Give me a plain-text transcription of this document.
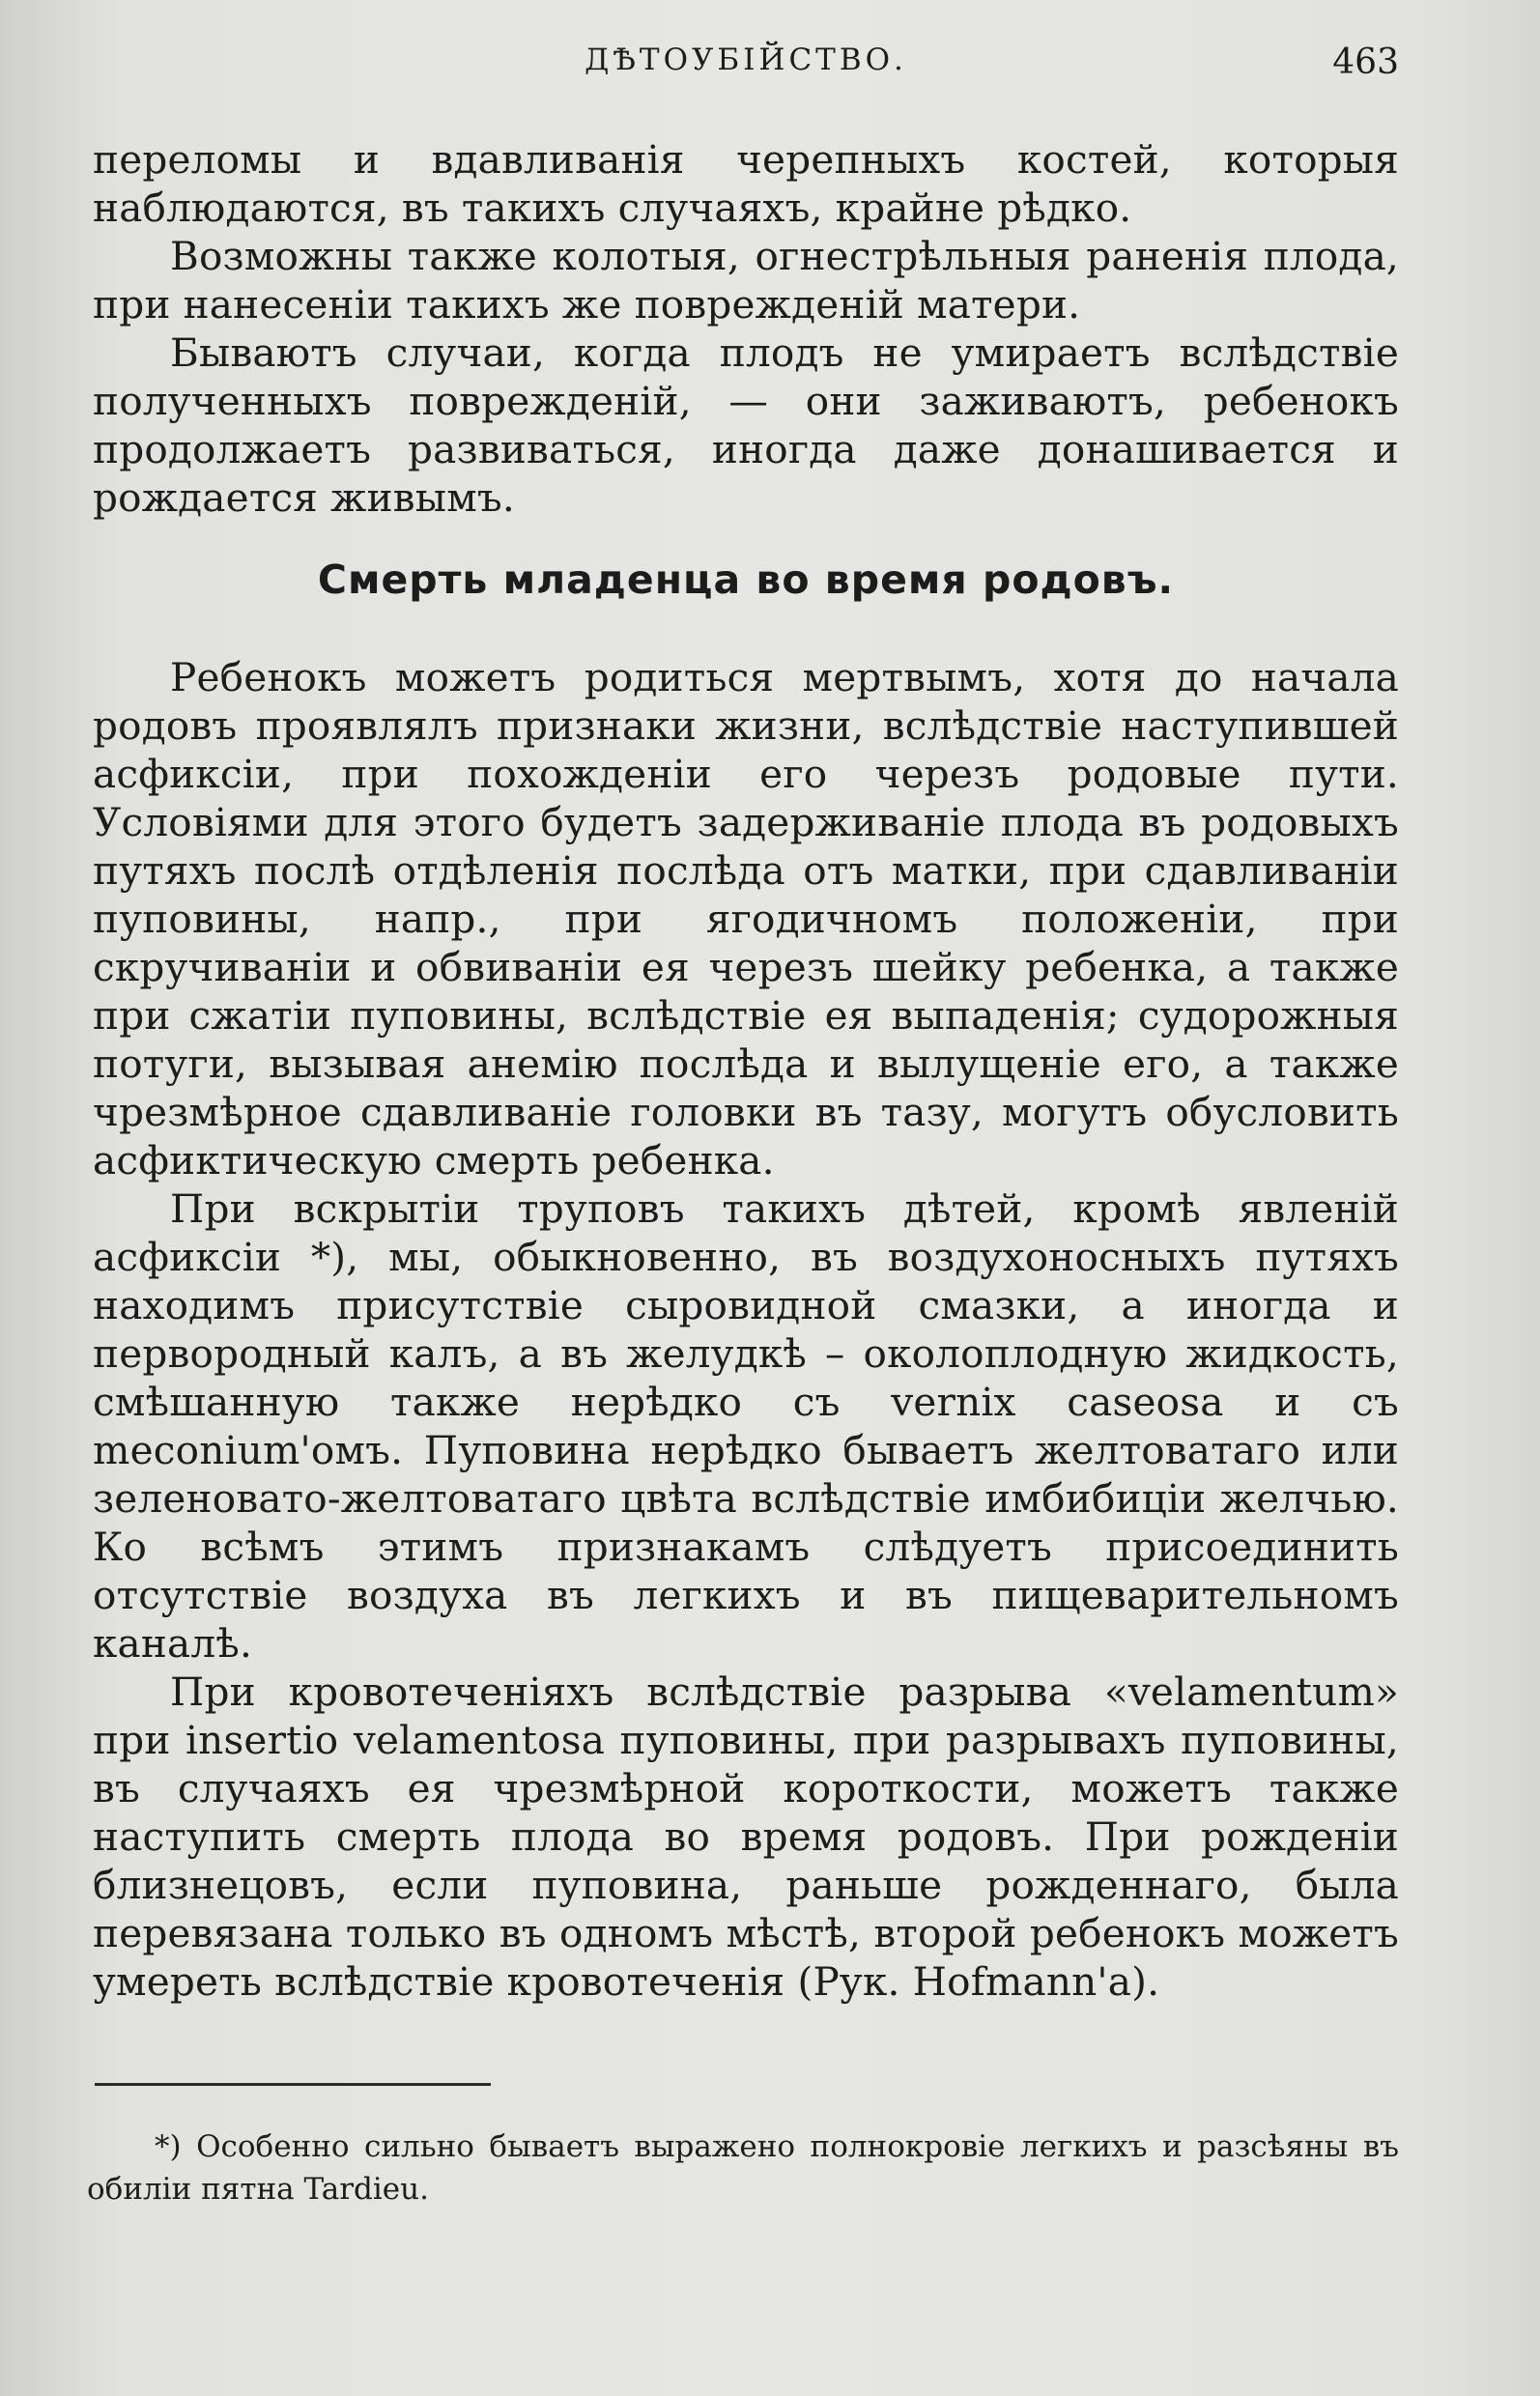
ДѢТОУБІЙСТВО.	463

переломы и вдавливанія черепныхъ костей, которыя наблюдаются, въ такихъ случаяхъ, крайне рѣдко.

Возможны также колотыя, огнестрѣльныя раненія плода, при нанесеніи такихъ же поврежденій матери.

Бываютъ случаи, когда плодъ не умираетъ вслѣдствіе полученныхъ поврежденій, — они заживаютъ, ребенокъ продолжаетъ развиваться, иногда даже донашивается и рождается живымъ.

Смерть младенца во время родовъ.

Ребенокъ можетъ родиться мертвымъ, хотя до начала родовъ проявлялъ признаки жизни, вслѣдствіе наступившей асфиксіи, при похожденіи его черезъ родовые пути. Условіями для этого будетъ задерживаніе плода въ родовыхъ путяхъ послѣ отдѣленія послѣда отъ матки, при сдавливаніи пуповины, напр., при ягодичномъ положеніи, при скручиваніи и обвиваніи ея черезъ шейку ребенка, а также при сжатіи пуповины, вслѣдствіе ея выпаденія; судорожныя потуги, вызывая анемію послѣда и вылущеніе его, а также чрезмѣрное сдавливаніе головки въ тазу, могутъ обусловить асфиктическую смерть ребенка.

При вскрытіи труповъ такихъ дѣтей, кромѣ явленій асфиксіи *), мы, обыкновенно, въ воздухоносныхъ путяхъ находимъ присутствіе сыровидной смазки, а иногда и первородный калъ, а въ желудкѣ – околоплодную жидкость, смѣшанную также нерѣдко съ vernix caseosa и съ meconium'омъ. Пуповина нерѣдко бываетъ желтоватаго или зеленовато-желтоватаго цвѣта вслѣдствіе имбибиціи желчью. Ко всѣмъ этимъ признакамъ слѣдуетъ присоединить отсутствіе воздуха въ легкихъ и въ пищеварительномъ каналѣ.

При кровотеченіяхъ вслѣдствіе разрыва «velamentum» при insertio velamentosa пуповины, при разрывахъ пуповины, въ случаяхъ ея чрезмѣрной короткости, можетъ также наступить смерть плода во время родовъ. При рожденіи близнецовъ, если пуповина, раньше рожденнаго, была перевязана только въ одномъ мѣстѣ, второй ребенокъ можетъ умереть вслѣдствіе кровотеченія (Рук. Hofmann'a).

*) Особенно сильно бываетъ выражено полнокровіе легкихъ и разсѣяны въ обиліи пятна Tardieu.
